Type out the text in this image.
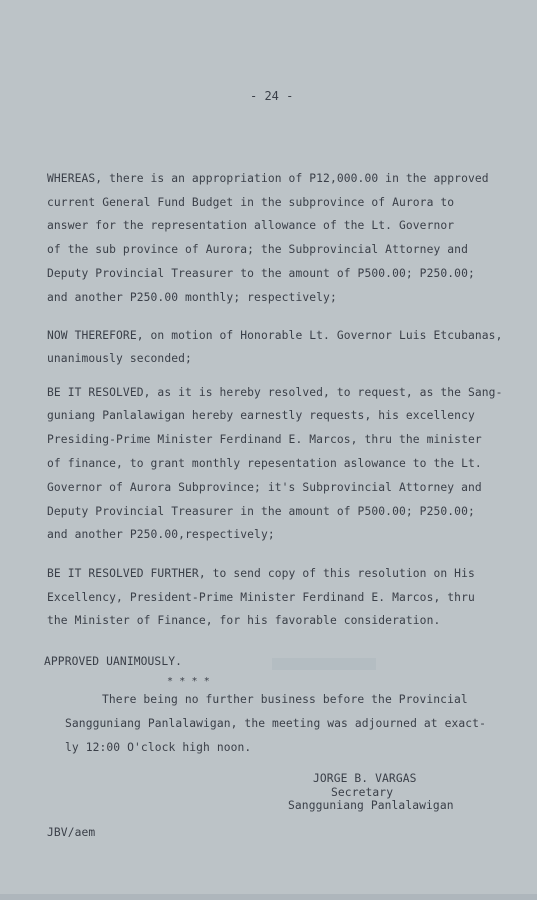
- 24 -
WHEREAS, there is an appropriation of P12,000.00 in the approved
current General Fund Budget in the subprovince of Aurora to
answer for the representation allowance of the Lt. Governor
of the sub province of Aurora; the Subprovincial Attorney and
Deputy Provincial Treasurer to the amount of P500.00; P250.00;
and another P250.00 monthly; respectively;
NOW THEREFORE, on motion of Honorable Lt. Governor Luis Etcubanas,
unanimously seconded;
BE IT RESOLVED, as it is hereby resolved, to request, as the Sang-
guniang Panlalawigan hereby earnestly requests, his excellency
Presiding-Prime Minister Ferdinand E. Marcos, thru the minister
of finance, to grant monthly repesentation aslowance to the Lt.
Governor of Aurora Subprovince; it's Subprovincial Attorney and
Deputy Provincial Treasurer in the amount of P500.00; P250.00;
and another P250.00,respectively;
BE IT RESOLVED FURTHER, to send copy of this resolution on His
Excellency, President-Prime Minister Ferdinand E. Marcos, thru
the Minister of Finance, for his favorable consideration.
APPROVED UANIMOUSLY.
* * * *
There being no further business before the Provincial
Sangguniang Panlalawigan, the meeting was adjourned at exact-
ly 12:00 O'clock high noon.
JORGE B. VARGAS
Secretary
Sangguniang Panlalawigan
JBV/aem
